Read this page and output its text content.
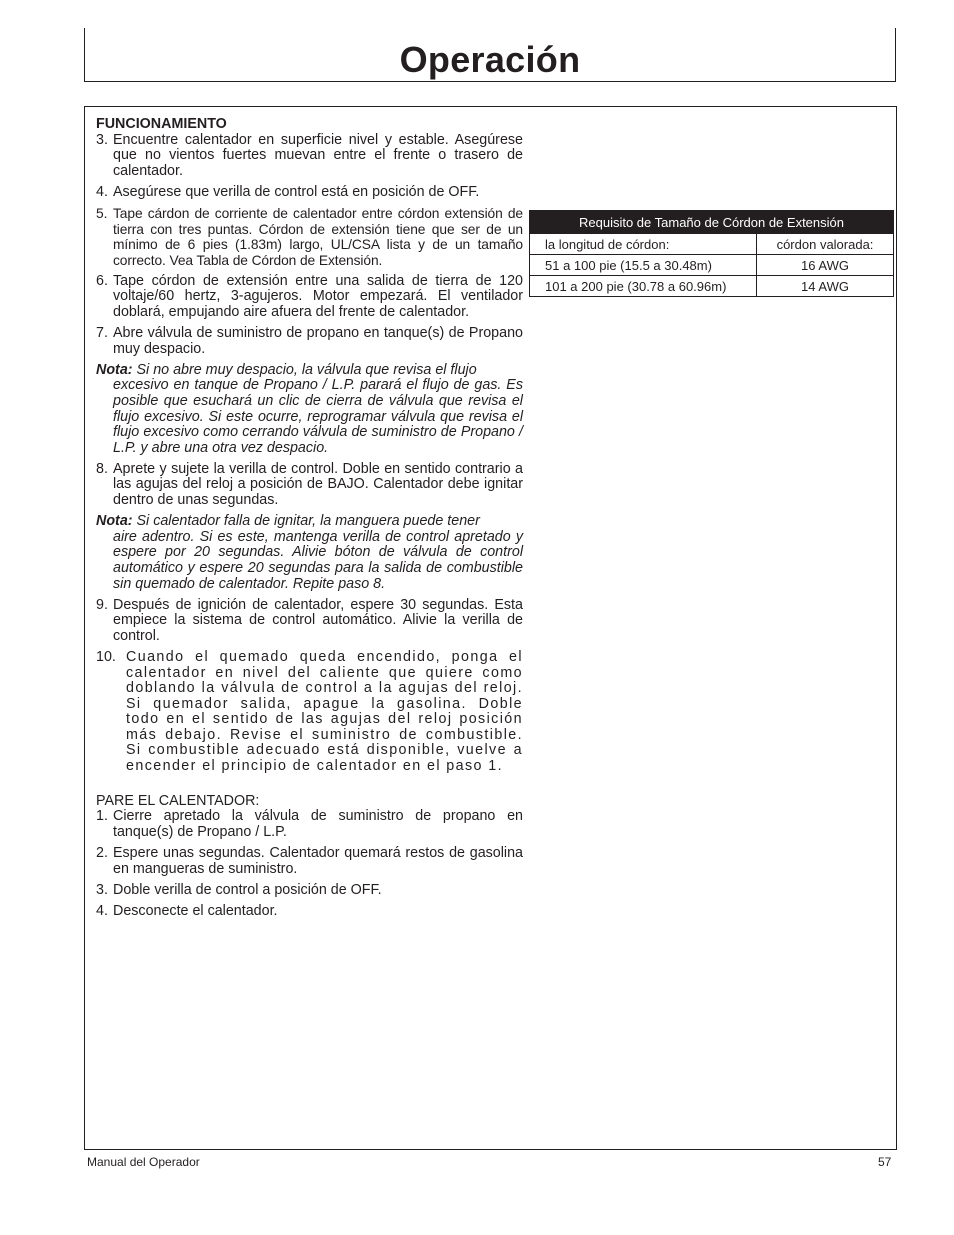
Operación

FUNCIONAMIENTO

3. Encuentre calentador en superficie nivel y estable. Asegúrese que no vientos fuertes muevan entre el frente o trasero de calentador.

4. Asegúrese que verilla de control está en posición de OFF.

5. Tape cárdon de corriente de calentador entre córdon extensión de tierra con tres puntas. Córdon de extensión tiene que ser de un mínimo de 6 pies (1.83m) largo, UL/CSA lista y de un tamaño correcto. Vea Tabla de Córdon de Extensión.

6. Tape córdon de extensión entre una salida de tierra de 120 voltaje/60 hertz, 3-agujeros. Motor empezará. El ventilador doblará, empujando aire afuera del frente de calentador.

7. Abre válvula de suministro de propano en tanque(s) de Propano muy despacio.

Nota: Si no abre muy despacio, la válvula que revisa el flujo
excesivo en tanque de Propano / L.P. parará el flujo de gas. Es posible que esuchará un clic de cierra de válvula que revisa el flujo excesivo. Si este ocurre, reprogramar válvula que revisa el flujo excesivo como cerrando válvula de suministro de Propano / L.P. y abre una otra vez despacio.

8. Aprete y sujete la verilla de control. Doble en sentido contrario a las agujas del reloj a posición de BAJO. Calentador debe ignitar dentro de unas segundas.

Nota: Si calentador falla de ignitar, la manguera puede tener
aire adentro. Si es este, mantenga verilla de control apretado y espere por 20 segundas. Alivie bóton de válvula de control automático y espere 20 segundas para la salida de combustible sin quemado de calentador. Repite paso 8.

9. Después de ignición de calentador, espere 30 segundas. Esta empiece la sistema de control automático. Alivie la verilla de control.

10. Cuando el quemado queda encendido, ponga el calentador en nivel del caliente que quiere como doblando la válvula de control a la agujas del reloj. Si quemador salida, apague la gasolina. Doble todo en el sentido de las agujas del reloj posición más debajo. Revise el suministro de combustible. Si combustible adecuado está disponible, vuelve a encender el principio de calentador en el paso 1.

PARE EL CALENTADOR:

1. Cierre apretado la válvula de suministro de propano en tanque(s) de Propano / L.P.

2. Espere unas segundas. Calentador quemará restos de gasolina en mangueras de suministro.

3. Doble verilla de control a posición de OFF.

4. Desconecte el calentador.

Requisito de Tamaño de Córdon de Extensión	
la longitud de córdon:	córdon valorada:
51 a 100 pie (15.5 a 30.48m)	16 AWG
101 a 200 pie (30.78 a 60.96m)	14 AWG
Manual del Operador	57
